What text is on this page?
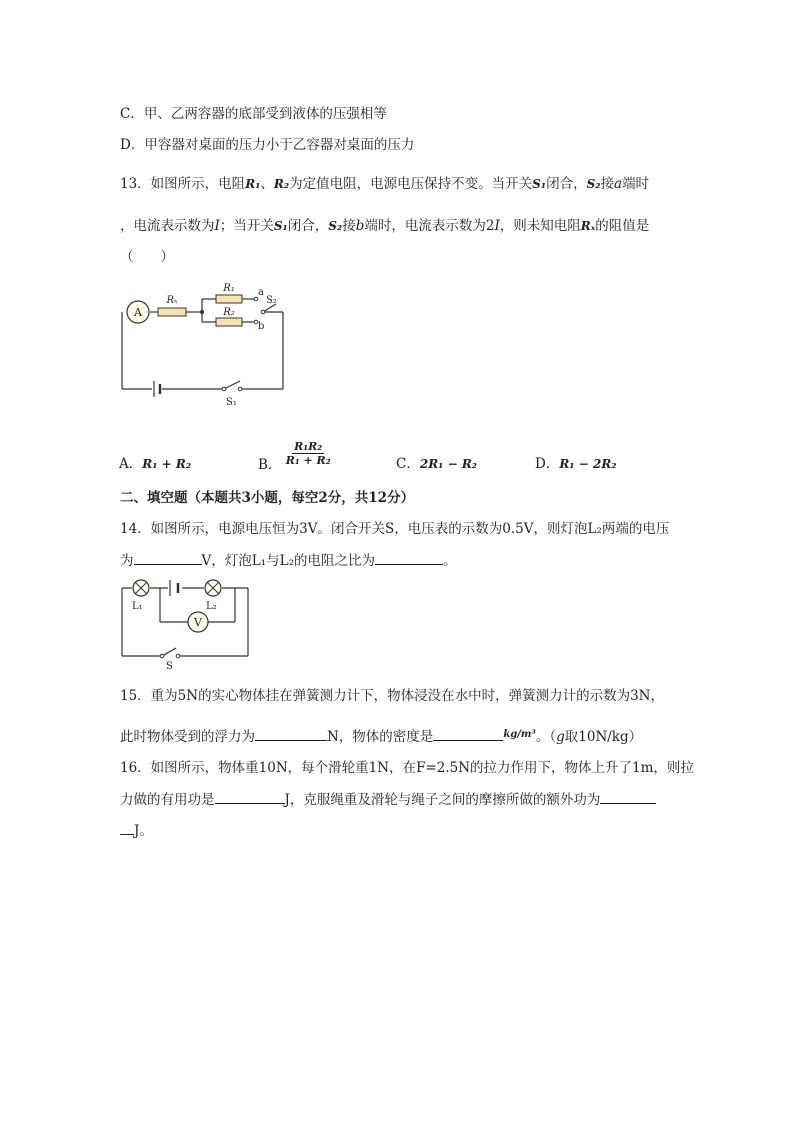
C．甲、乙两容器的底部受到液体的压强相等
D．甲容器对桌面的压力小于乙容器对桌面的压力
13．如图所示，电阻R₁、R₂为定值电阻，电源电压保持不变。当开关S₁闭合，S₂接a端时
，电流表示数为I；当开关S₁闭合，S₂接b端时，电流表示数为2I，则未知电阻Rₓ的阻值是
（　　）
A
Rₓ
R₁
R₂
a
b
S₂
S₁
A．R₁ + R₂	B． $\frac{\text{R₁R₂}}{\text{R₁ + R₂}}$	C．2R₁ − R₂	D．R₁ − 2R₂
二、填空题（本题共3小题，每空2分，共12分）
14．如图所示，电源电压恒为3V。闭合开关S，电压表的示数为0.5V，则灯泡L₂两端的电压
为	V，灯泡L₁与L₂的电阻之比为	。
L₁	L₂
V
S
15．重为5N的实心物体挂在弹簧测力计下，物体浸没在水中时，弹簧测力计的示数为3N，
此时物体受到的浮力为	N，物体的密度是	$^{kg/m^3}$。（g取10N/kg）
16．如图所示，物体重10N，每个滑轮重1N，在F=2.5N的拉力作用下，物体上升了1m，则拉
力做的有用功是	J，克服绳重及滑轮与绳子之间的摩擦所做的额外功为
J。
